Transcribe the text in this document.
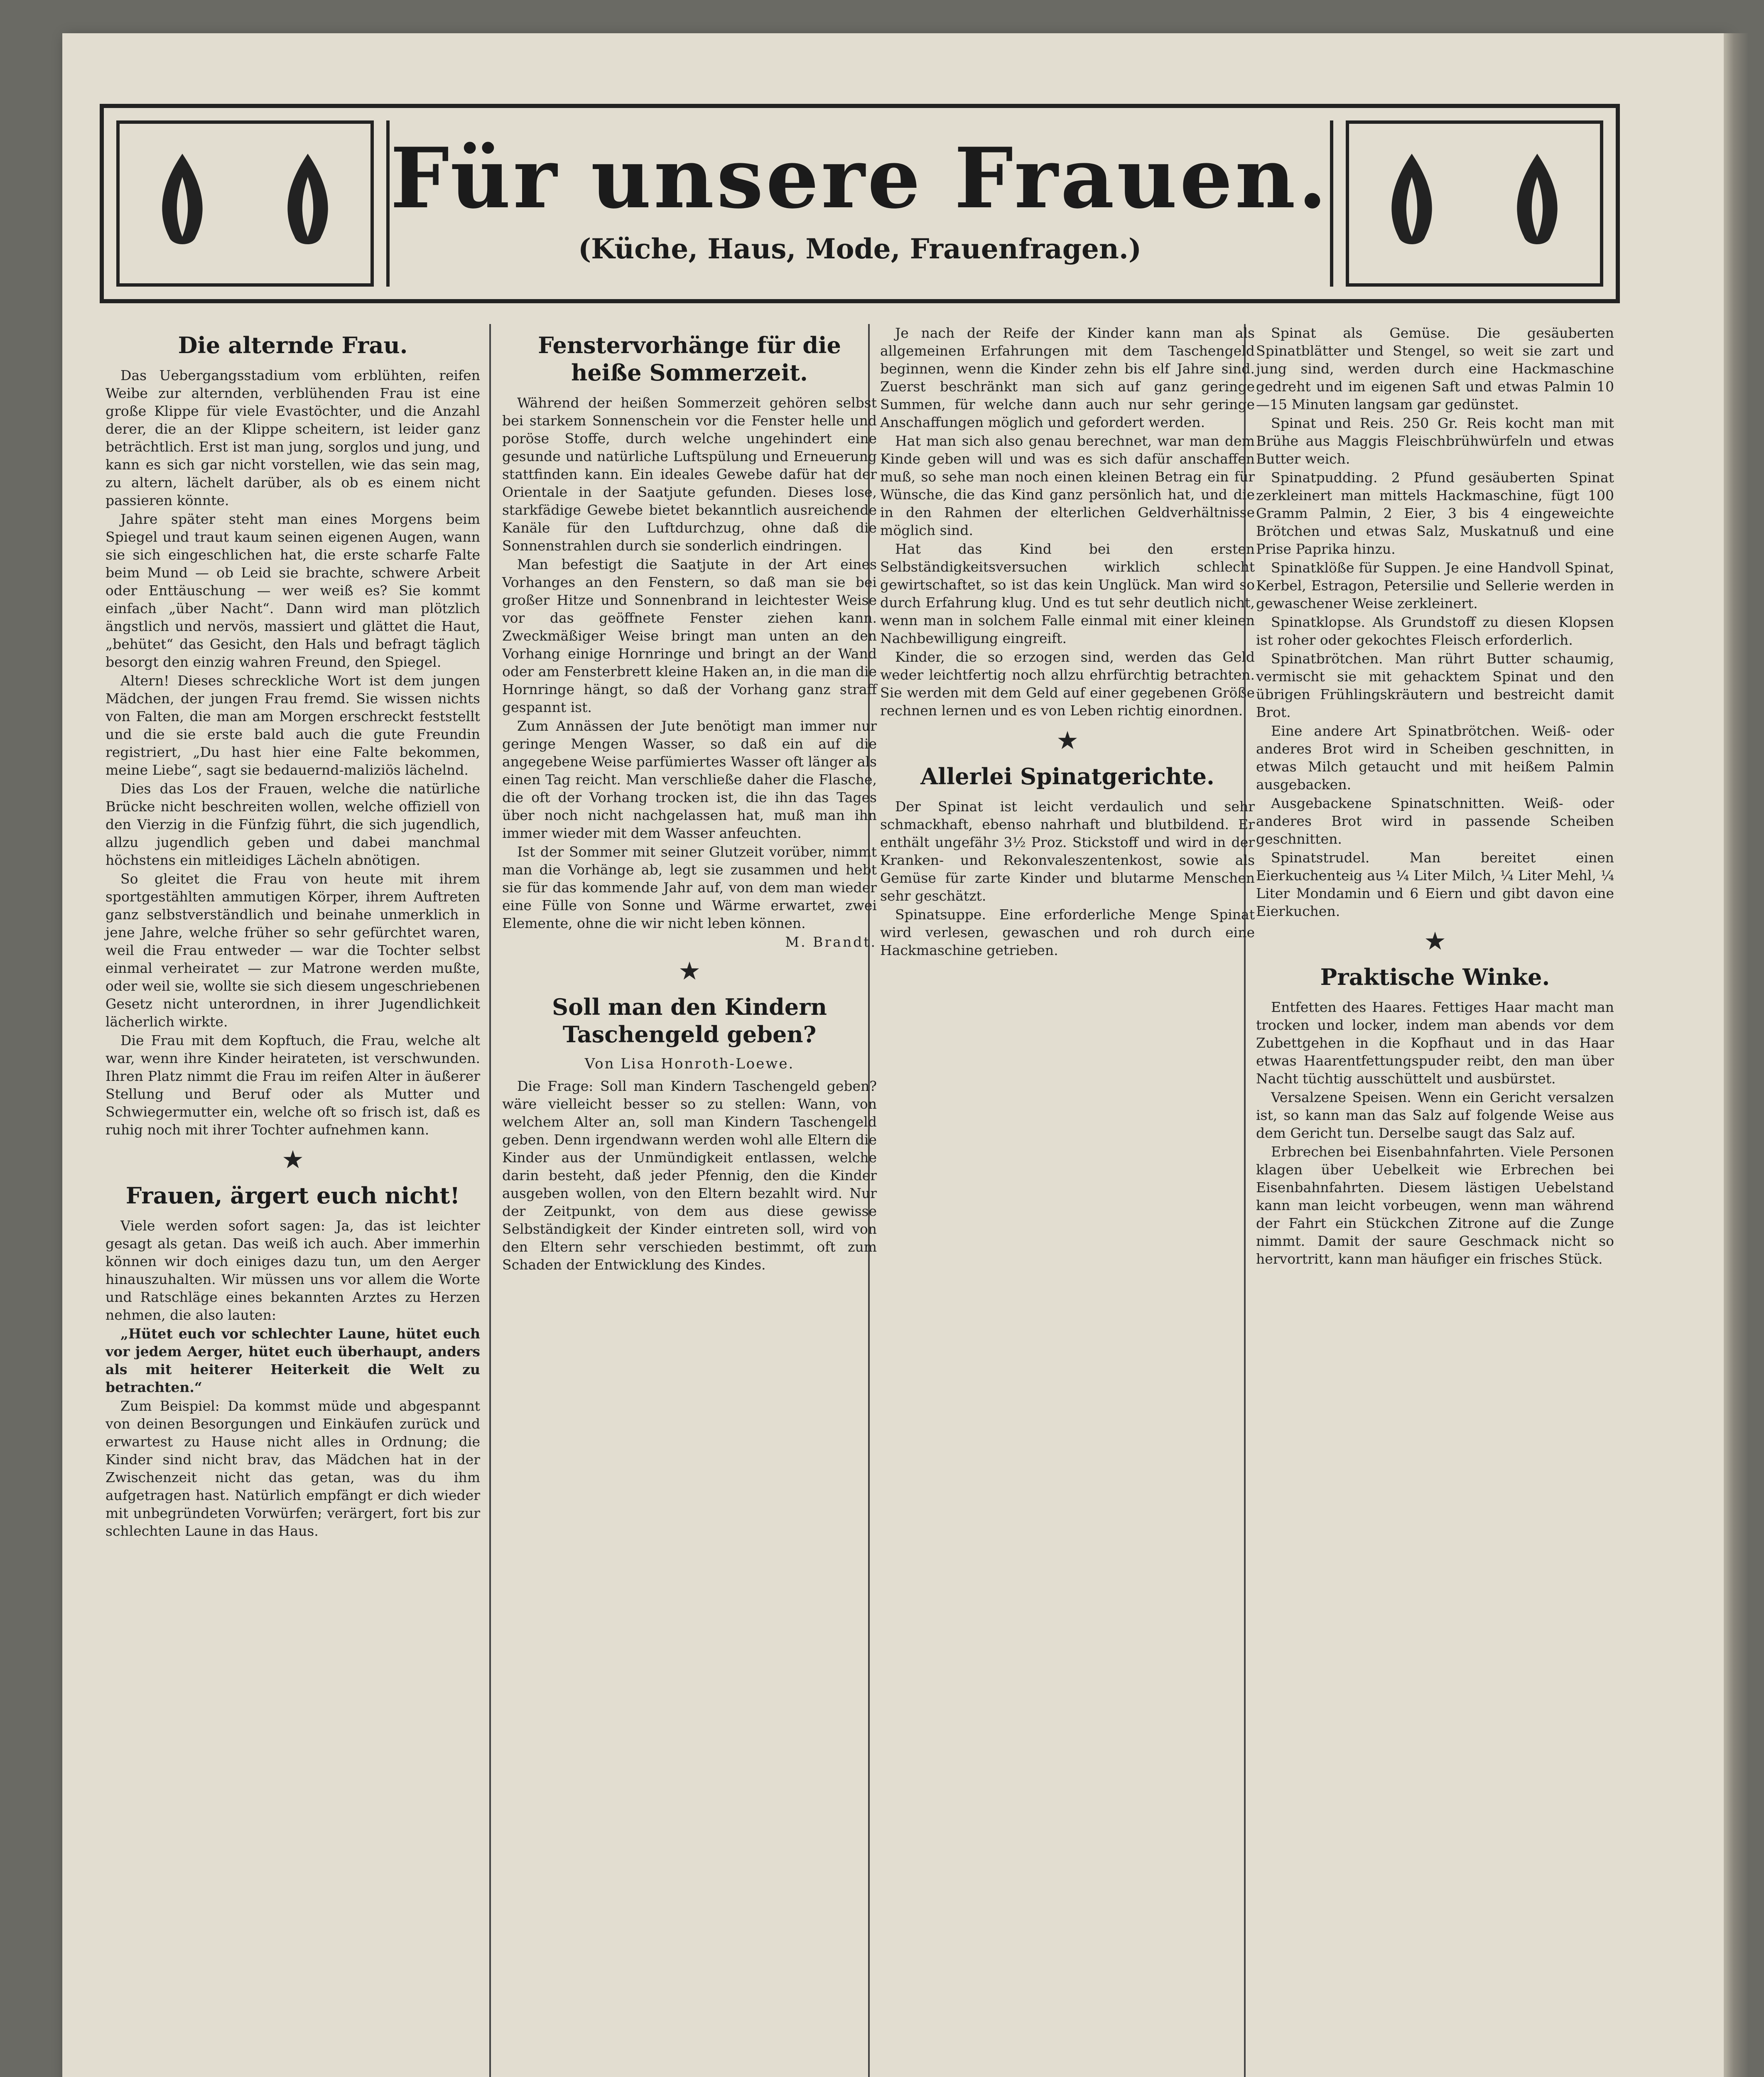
Für unsere Frauen.
(Küche, Haus, Mode, Frauenfragen.)
Die alternde Frau.

Das Uebergangsstadium vom erblühten, reifen Weibe zur alternden, verblühenden Frau ist eine große Klippe für viele Evastöchter, und die Anzahl derer, die an der Klippe scheitern, ist leider ganz beträchtlich. Erst ist man jung, sorglos und jung, und kann es sich gar nicht vorstellen, wie das sein mag, zu altern, lächelt darüber, als ob es einem nicht passieren könnte.

Jahre später steht man eines Morgens beim Spiegel und traut kaum seinen eigenen Augen, wann sie sich eingeschlichen hat, die erste scharfe Falte beim Mund — ob Leid sie brachte, schwere Arbeit oder Enttäuschung — wer weiß es? Sie kommt einfach „über Nacht“. Dann wird man plötzlich ängstlich und nervös, massiert und glättet die Haut, „behütet“ das Gesicht, den Hals und befragt täglich besorgt den einzig wahren Freund, den Spiegel.

Altern! Dieses schreckliche Wort ist dem jungen Mädchen, der jungen Frau fremd. Sie wissen nichts von Falten, die man am Morgen erschreckt feststellt und die sie erste bald auch die gute Freundin registriert, „Du hast hier eine Falte bekommen, meine Liebe“, sagt sie bedauernd-maliziös lächelnd.

Dies das Los der Frauen, welche die natürliche Brücke nicht beschreiten wollen, welche offiziell von den Vierzig in die Fünfzig führt, die sich jugendlich, allzu jugendlich geben und dabei manchmal höchstens ein mitleidiges Lächeln abnötigen.

So gleitet die Frau von heute mit ihrem sportgestählten ammutigen Körper, ihrem Auftreten ganz selbstverständlich und beinahe unmerklich in jene Jahre, welche früher so sehr gefürchtet waren, weil die Frau entweder — war die Tochter selbst einmal verheiratet — zur Matrone werden mußte, oder weil sie, wollte sie sich diesem ungeschriebenen Gesetz nicht unterordnen, in ihrer Jugendlichkeit lächerlich wirkte.

Die Frau mit dem Kopftuch, die Frau, welche alt war, wenn ihre Kinder heirateten, ist verschwunden. Ihren Platz nimmt die Frau im reifen Alter in äußerer Stellung und Beruf oder als Mutter und Schwiegermutter ein, welche oft so frisch ist, daß es ruhig noch mit ihrer Tochter aufnehmen kann.

★
Frauen, ärgert euch nicht!

Viele werden sofort sagen: Ja, das ist leichter gesagt als getan. Das weiß ich auch. Aber immerhin können wir doch einiges dazu tun, um den Aerger hinauszuhalten. Wir müssen uns vor allem die Worte und Ratschläge eines bekannten Arztes zu Herzen nehmen, die also lauten:

„Hütet euch vor schlechter Laune, hütet euch vor jedem Aerger, hütet euch überhaupt, anders als mit heiterer Heiterkeit die Welt zu betrachten.“

Zum Beispiel: Da kommst müde und abgespannt von deinen Besorgungen und Einkäufen zurück und erwartest zu Hause nicht alles in Ordnung; die Kinder sind nicht brav, das Mädchen hat in der Zwischenzeit nicht das getan, was du ihm aufgetragen hast. Natürlich empfängt er dich wieder mit unbegründeten Vorwürfen; verärgert, fort bis zur schlechten Laune in das Haus.

Fenstervorhänge für die heiße Sommerzeit.

Während der heißen Sommerzeit gehören selbst bei starkem Sonnenschein vor die Fenster helle und poröse Stoffe, durch welche ungehindert eine gesunde und natürliche Luftspülung und Erneuerung stattfinden kann. Ein ideales Gewebe dafür hat der Orientale in der Saatjute gefunden. Dieses lose, starkfädige Gewebe bietet bekanntlich ausreichende Kanäle für den Luftdurchzug, ohne daß die Sonnenstrahlen durch sie sonderlich eindringen.

Man befestigt die Saatjute in der Art eines Vorhanges an den Fenstern, so daß man sie bei großer Hitze und Sonnenbrand in leichtester Weise vor das geöffnete Fenster ziehen kann. Zweckmäßiger Weise bringt man unten an den Vorhang einige Hornringe und bringt an der Wand oder am Fensterbrett kleine Haken an, in die man die Hornringe hängt, so daß der Vorhang ganz straff gespannt ist.

Zum Annässen der Jute benötigt man immer nur geringe Mengen Wasser, so daß ein auf die angegebene Weise parfümiertes Wasser oft länger als einen Tag reicht. Man verschließe daher die Flasche, die oft der Vorhang trocken ist, die ihn das Tages über noch nicht nachgelassen hat, muß man ihn immer wieder mit dem Wasser anfeuchten.

Ist der Sommer mit seiner Glutzeit vorüber, nimmt man die Vorhänge ab, legt sie zusammen und hebt sie für das kommende Jahr auf, von dem man wieder eine Fülle von Sonne und Wärme erwartet, zwei Elemente, ohne die wir nicht leben können.

M. Brandt.
★
Soll man den Kindern Taschengeld geben?
Von Lisa Honroth-Loewe.

Die Frage: Soll man Kindern Taschengeld geben? wäre vielleicht besser so zu stellen: Wann, von welchem Alter an, soll man Kindern Taschengeld geben. Denn irgendwann werden wohl alle Eltern die Kinder aus der Unmündigkeit entlassen, welche darin besteht, daß jeder Pfennig, den die Kinder ausgeben wollen, von den Eltern bezahlt wird. Nur der Zeitpunkt, von dem aus diese gewisse Selbständigkeit der Kinder eintreten soll, wird von den Eltern sehr verschieden bestimmt, oft zum Schaden der Entwicklung des Kindes.

Je nach der Reife der Kinder kann man als allgemeinen Erfahrungen mit dem Taschengeld beginnen, wenn die Kinder zehn bis elf Jahre sind. Zuerst beschränkt man sich auf ganz geringe Summen, für welche dann auch nur sehr geringe Anschaffungen möglich und gefordert werden.

Hat man sich also genau berechnet, war man dem Kinde geben will und was es sich dafür anschaffen muß, so sehe man noch einen kleinen Betrag ein für Wünsche, die das Kind ganz persönlich hat, und die in den Rahmen der elterlichen Geldverhältnisse möglich sind.

Hat das Kind bei den ersten Selbständigkeitsversuchen wirklich schlecht gewirtschaftet, so ist das kein Unglück. Man wird so durch Erfahrung klug. Und es tut sehr deutlich nicht, wenn man in solchem Falle einmal mit einer kleinen Nachbewilligung eingreift.

Kinder, die so erzogen sind, werden das Geld weder leichtfertig noch allzu ehrfürchtig betrachten. Sie werden mit dem Geld auf einer gegebenen Größe rechnen lernen und es von Leben richtig einordnen.

★
Allerlei Spinatgerichte.

Der Spinat ist leicht verdaulich und sehr schmackhaft, ebenso nahrhaft und blutbildend. Er enthält ungefähr 3½ Proz. Stickstoff und wird in der Kranken- und Rekonvaleszentenkost, sowie als Gemüse für zarte Kinder und blutarme Menschen sehr geschätzt.

Spinatsuppe. Eine erforderliche Menge Spinat wird verlesen, gewaschen und roh durch eine Hackmaschine getrieben.

Spinat als Gemüse. Die gesäuberten Spinatblätter und Stengel, so weit sie zart und jung sind, werden durch eine Hackmaschine gedreht und im eigenen Saft und etwas Palmin 10—15 Minuten langsam gar gedünstet.

Spinat und Reis. 250 Gr. Reis kocht man mit Brühe aus Maggis Fleischbrühwürfeln und etwas Butter weich.

Spinatpudding. 2 Pfund gesäuberten Spinat zerkleinert man mittels Hackmaschine, fügt 100 Gramm Palmin, 2 Eier, 3 bis 4 eingeweichte Brötchen und etwas Salz, Muskatnuß und eine Prise Paprika hinzu.

Spinatklöße für Suppen. Je eine Handvoll Spinat, Kerbel, Estragon, Petersilie und Sellerie werden in gewaschener Weise zerkleinert.

Spinatklopse. Als Grundstoff zu diesen Klopsen ist roher oder gekochtes Fleisch erforderlich.

Spinatbrötchen. Man rührt Butter schaumig, vermischt sie mit gehacktem Spinat und den übrigen Frühlingskräutern und bestreicht damit Brot.

Eine andere Art Spinatbrötchen. Weiß- oder anderes Brot wird in Scheiben geschnitten, in etwas Milch getaucht und mit heißem Palmin ausgebacken.

Ausgebackene Spinatschnitten. Weiß- oder anderes Brot wird in passende Scheiben geschnitten.

Spinatstrudel. Man bereitet einen Eierkuchenteig aus ¼ Liter Milch, ¼ Liter Mehl, ¼ Liter Mondamin und 6 Eiern und gibt davon eine Eierkuchen.

★
Praktische Winke.

Entfetten des Haares. Fettiges Haar macht man trocken und locker, indem man abends vor dem Zubettgehen in die Kopfhaut und in das Haar etwas Haarentfettungspuder reibt, den man über Nacht tüchtig ausschüttelt und ausbürstet.

Versalzene Speisen. Wenn ein Gericht versalzen ist, so kann man das Salz auf folgende Weise aus dem Gericht tun. Derselbe saugt das Salz auf.

Erbrechen bei Eisenbahnfahrten. Viele Personen klagen über Uebelkeit wie Erbrechen bei Eisenbahnfahrten. Diesem lästigen Uebelstand kann man leicht vorbeugen, wenn man während der Fahrt ein Stückchen Zitrone auf die Zunge nimmt. Damit der saure Geschmack nicht so hervortritt, kann man häufiger ein frisches Stück.
